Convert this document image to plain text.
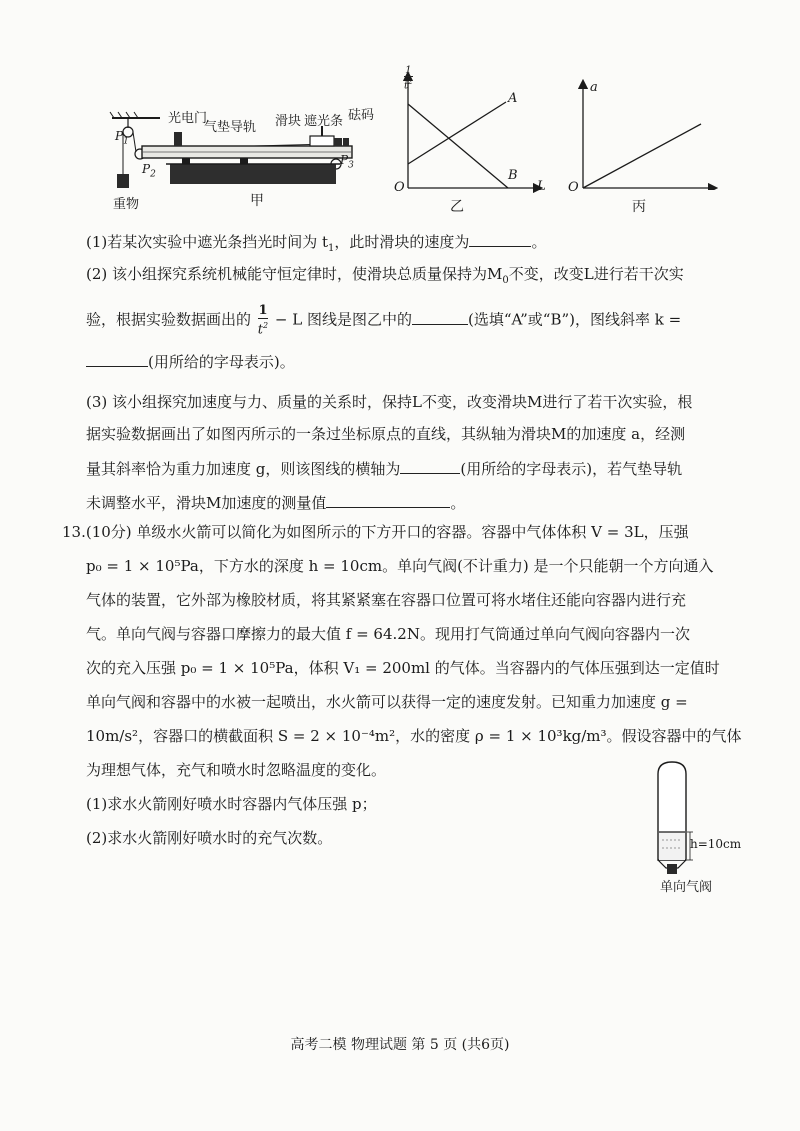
光电门
气垫导轨 滑块 遮光条 砝码
$P_1$
$P_2$
$P_3$
重物	甲
1
$t^2$
A
B
O	L
乙
a
O
丙
(1)若某次实验中遮光条挡光时间为 $t_1$，此时滑块的速度为	。
(2) 该小组探究系统机械能守恒定律时，使滑块总质量保持为$M_0$不变，改变L进行若干次实
验，根据实验数据画出的 $\frac{1}{t^2} - L$ 图线是图乙中的	(选填“A”或“B”)，图线斜率 k =
(用所给的字母表示)。
(3) 该小组探究加速度与力、质量的关系时，保持L不变，改变滑块M进行了若干次实验，根
据实验数据画出了如图丙所示的一条过坐标原点的直线，其纵轴为滑块M的加速度 a，经测
量其斜率恰为重力加速度 g，则该图线的横轴为	(用所给的字母表示)，若气垫导轨
未调整水平，滑块M加速度的测量值	。
13.(10分) 单级水火箭可以简化为如图所示的下方开口的容器。容器中气体体积 V = 3L，压强
p₀ = 1 × 10⁵Pa，下方水的深度 h = 10cm。单向气阀(不计重力) 是一个只能朝一个方向通入
气体的装置，它外部为橡胶材质，将其紧紧塞在容器口位置可将水堵住还能向容器内进行充
气。单向气阀与容器口摩擦力的最大值 f = 64.2N。现用打气筒通过单向气阀向容器内一次
次的充入压强 p₀ = 1 × 10⁵Pa，体积 V₁ = 200ml 的气体。当容器内的气体压强到达一定值时
单向气阀和容器中的水被一起喷出，水火箭可以获得一定的速度发射。已知重力加速度 g =
10m/s²，容器口的横截面积 S = 2 × 10⁻⁴m²，水的密度 ρ = 1 × 10³kg/m³。假设容器中的气体
为理想气体，充气和喷水时忽略温度的变化。
(1)求水火箭刚好喷水时容器内气体压强 p；
(2)求水火箭刚好喷水时的充气次数。	h=10cm
单向气阀
高考二模 物理试题 第 5 页 (共6页)
